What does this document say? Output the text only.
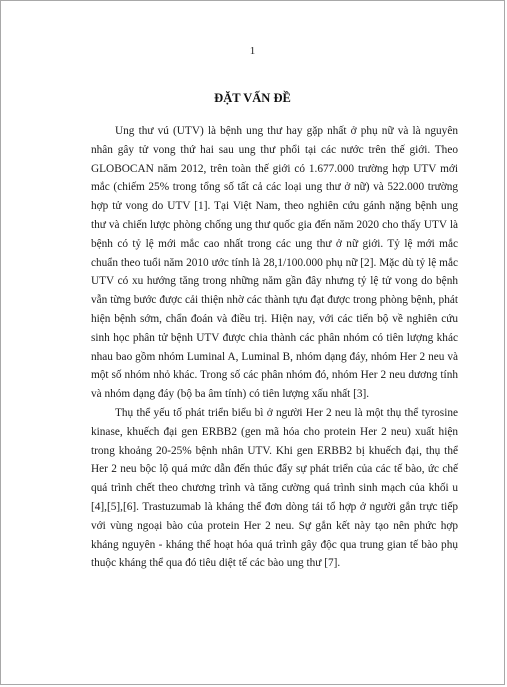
1
ĐẶT VẤN ĐỀ

Ung thư vú (UTV) là bệnh ung thư hay gặp nhất ở phụ nữ và là nguyên nhân gây tử vong thứ hai sau ung thư phổi tại các nước trên thế giới. Theo GLOBOCAN năm 2012, trên toàn thế giới có 1.677.000 trường hợp UTV mới mắc (chiếm 25% trong tổng số tất cả các loại ung thư ở nữ) và 522.000 trường hợp tử vong do UTV [1]. Tại Việt Nam, theo nghiên cứu gánh nặng bệnh ung thư và chiến lược phòng chống ung thư quốc gia đến năm 2020 cho thấy UTV là bệnh có tỷ lệ mới mắc cao nhất trong các ung thư ở nữ giới. Tỷ lệ mới mắc chuẩn theo tuổi năm 2010 ước tính là 28,1/100.000 phụ nữ [2]. Mặc dù tỷ lệ mắc UTV có xu hướng tăng trong những năm gần đây nhưng tỷ lệ tử vong do bệnh vẫn từng bước được cải thiện nhờ các thành tựu đạt được trong phòng bệnh, phát hiện bệnh sớm, chẩn đoán và điều trị. Hiện nay, với các tiến bộ về nghiên cứu sinh học phân tử bệnh UTV được chia thành các phân nhóm có tiên lượng khác nhau bao gồm nhóm Luminal A, Luminal B, nhóm dạng đáy, nhóm Her 2 neu và một số nhóm nhỏ khác. Trong số các phân nhóm đó, nhóm Her 2 neu dương tính và nhóm dạng đáy (bộ ba âm tính) có tiên lượng xấu nhất [3].

Thụ thể yếu tố phát triển biểu bì ở người Her 2 neu là một thụ thể tyrosine kinase, khuếch đại gen ERBB2 (gen mã hóa cho protein Her 2 neu) xuất hiện trong khoảng 20-25% bệnh nhân UTV. Khi gen ERBB2 bị khuếch đại, thụ thể Her 2 neu bộc lộ quá mức dẫn đến thúc đẩy sự phát triển của các tế bào, ức chế quá trình chết theo chương trình và tăng cường quá trình sinh mạch của khối u [4],[5],[6]. Trastuzumab là kháng thể đơn dòng tái tổ hợp ở người gắn trực tiếp với vùng ngoại bào của protein Her 2 neu. Sự gắn kết này tạo nên phức hợp kháng nguyên - kháng thể hoạt hóa quá trình gây độc qua trung gian tế bào phụ thuộc kháng thể qua đó tiêu diệt tế các bào ung thư [7].
